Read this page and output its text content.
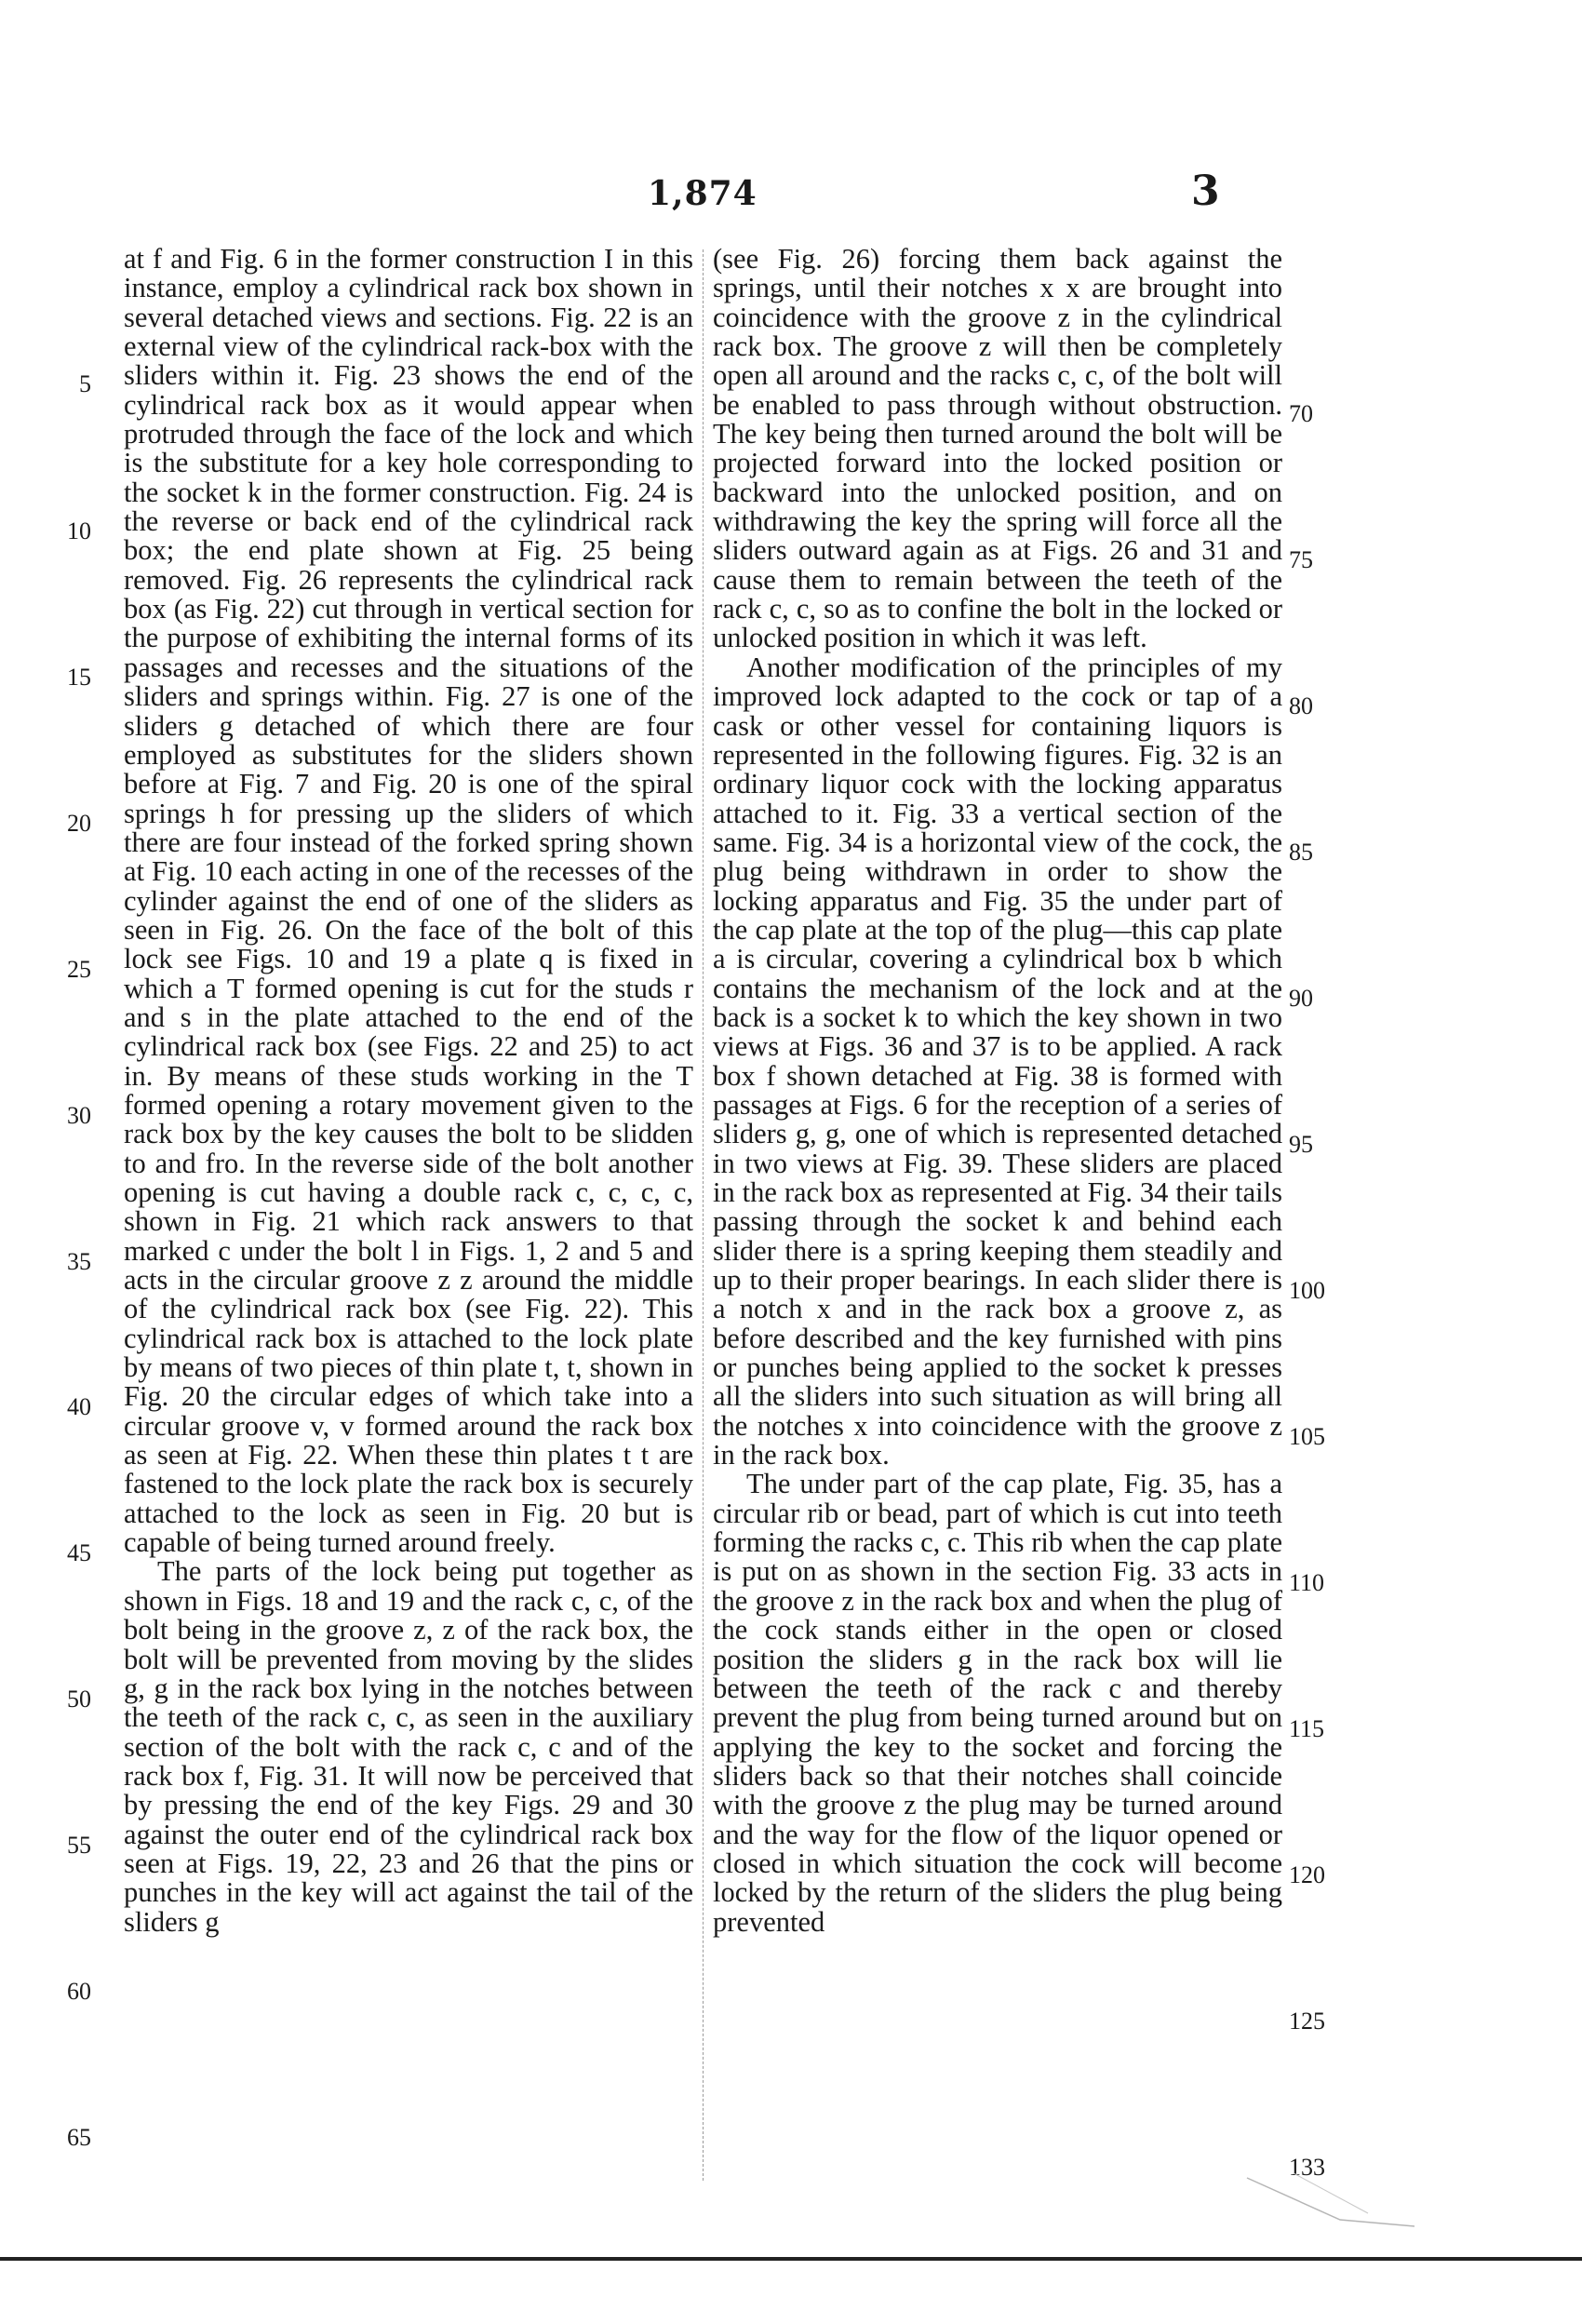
1,874	3

at f and Fig. 6 in the former construction I in this instance, employ a cylindrical rack box shown in several detached views and sections. Fig. 22 is an external view of the cylindrical rack-box with the sliders within it. Fig. 23 shows the end of the cylindrical rack box as it would appear when protruded through the face of the lock and which is the substitute for a key hole corresponding to the socket k in the former construction. Fig. 24 is the reverse or back end of the cylindrical rack box; the end plate shown at Fig. 25 being removed. Fig. 26 represents the cylindrical rack box (as Fig. 22) cut through in vertical section for the purpose of exhibiting the internal forms of its passages and recesses and the situations of the sliders and springs within. Fig. 27 is one of the sliders g detached of which there are four employed as substitutes for the sliders shown before at Fig. 7 and Fig. 20 is one of the spiral springs h for pressing up the sliders of which there are four instead of the forked spring shown at Fig. 10 each acting in one of the recesses of the cylinder against the end of one of the sliders as seen in Fig. 26. On the face of the bolt of this lock see Figs. 10 and 19 a plate q is fixed in which a T formed opening is cut for the studs r and s in the plate attached to the end of the cylindrical rack box (see Figs. 22 and 25) to act in. By means of these studs working in the T formed opening a rotary movement given to the rack box by the key causes the bolt to be slidden to and fro. In the reverse side of the bolt another opening is cut having a double rack c, c, c, c, shown in Fig. 21 which rack answers to that marked c under the bolt l in Figs. 1, 2 and 5 and acts in the circular groove z z around the middle of the cylindrical rack box (see Fig. 22). This cylindrical rack box is attached to the lock plate by means of two pieces of thin plate t, t, shown in Fig. 20 the circular edges of which take into a circular groove v, v formed around the rack box as seen at Fig. 22. When these thin plates t t are fastened to the lock plate the rack box is securely attached to the lock as seen in Fig. 20 but is capable of being turned around freely.

The parts of the lock being put together as shown in Figs. 18 and 19 and the rack c, c, of the bolt being in the groove z, z of the rack box, the bolt will be prevented from moving by the slides g, g in the rack box lying in the notches between the teeth of the rack c, c, as seen in the auxiliary section of the bolt with the rack c, c and of the rack box f, Fig. 31. It will now be perceived that by pressing the end of the key Figs. 29 and 30 against the outer end of the cylindrical rack box seen at Figs. 19, 22, 23 and 26 that the pins or punches in the key will act against the tail of the sliders g

(see Fig. 26) forcing them back against the springs, until their notches x x are brought into coincidence with the groove z in the cylindrical rack box. The groove z will then be completely open all around and the racks c, c, of the bolt will be enabled to pass through without obstruction. The key being then turned around the bolt will be projected forward into the locked position or backward into the unlocked position, and on withdrawing the key the spring will force all the sliders outward again as at Figs. 26 and 31 and cause them to remain between the teeth of the rack c, c, so as to confine the bolt in the locked or unlocked position in which it was left.

Another modification of the principles of my improved lock adapted to the cock or tap of a cask or other vessel for containing liquors is represented in the following figures. Fig. 32 is an ordinary liquor cock with the locking apparatus attached to it. Fig. 33 a vertical section of the same. Fig. 34 is a horizontal view of the cock, the plug being withdrawn in order to show the locking apparatus and Fig. 35 the under part of the cap plate at the top of the plug—this cap plate a is circular, covering a cylindrical box b which contains the mechanism of the lock and at the back is a socket k to which the key shown in two views at Figs. 36 and 37 is to be applied. A rack box f shown detached at Fig. 38 is formed with passages at Figs. 6 for the reception of a series of sliders g, g, one of which is represented detached in two views at Fig. 39. These sliders are placed in the rack box as represented at Fig. 34 their tails passing through the socket k and behind each slider there is a spring keeping them steadily and up to their proper bearings. In each slider there is a notch x and in the rack box a groove z, as before described and the key furnished with pins or punches being applied to the socket k presses all the sliders into such situation as will bring all the notches x into coincidence with the groove z in the rack box.

The under part of the cap plate, Fig. 35, has a circular rib or bead, part of which is cut into teeth forming the racks c, c. This rib when the cap plate is put on as shown in the section Fig. 33 acts in the groove z in the rack box and when the plug of the cock stands either in the open or closed position the sliders g in the rack box will lie between the teeth of the rack c and thereby prevent the plug from being turned around but on applying the key to the socket and forcing the sliders back so that their notches shall coincide with the groove z the plug may be turned around and the way for the flow of the liquor opened or closed in which situation the cock will become locked by the return of the sliders the plug being prevented

5
10
15
20
25
30
35
40
45
50
55
60
65
70
75
80
85
90
95
100
105
110
115
120
125
133
